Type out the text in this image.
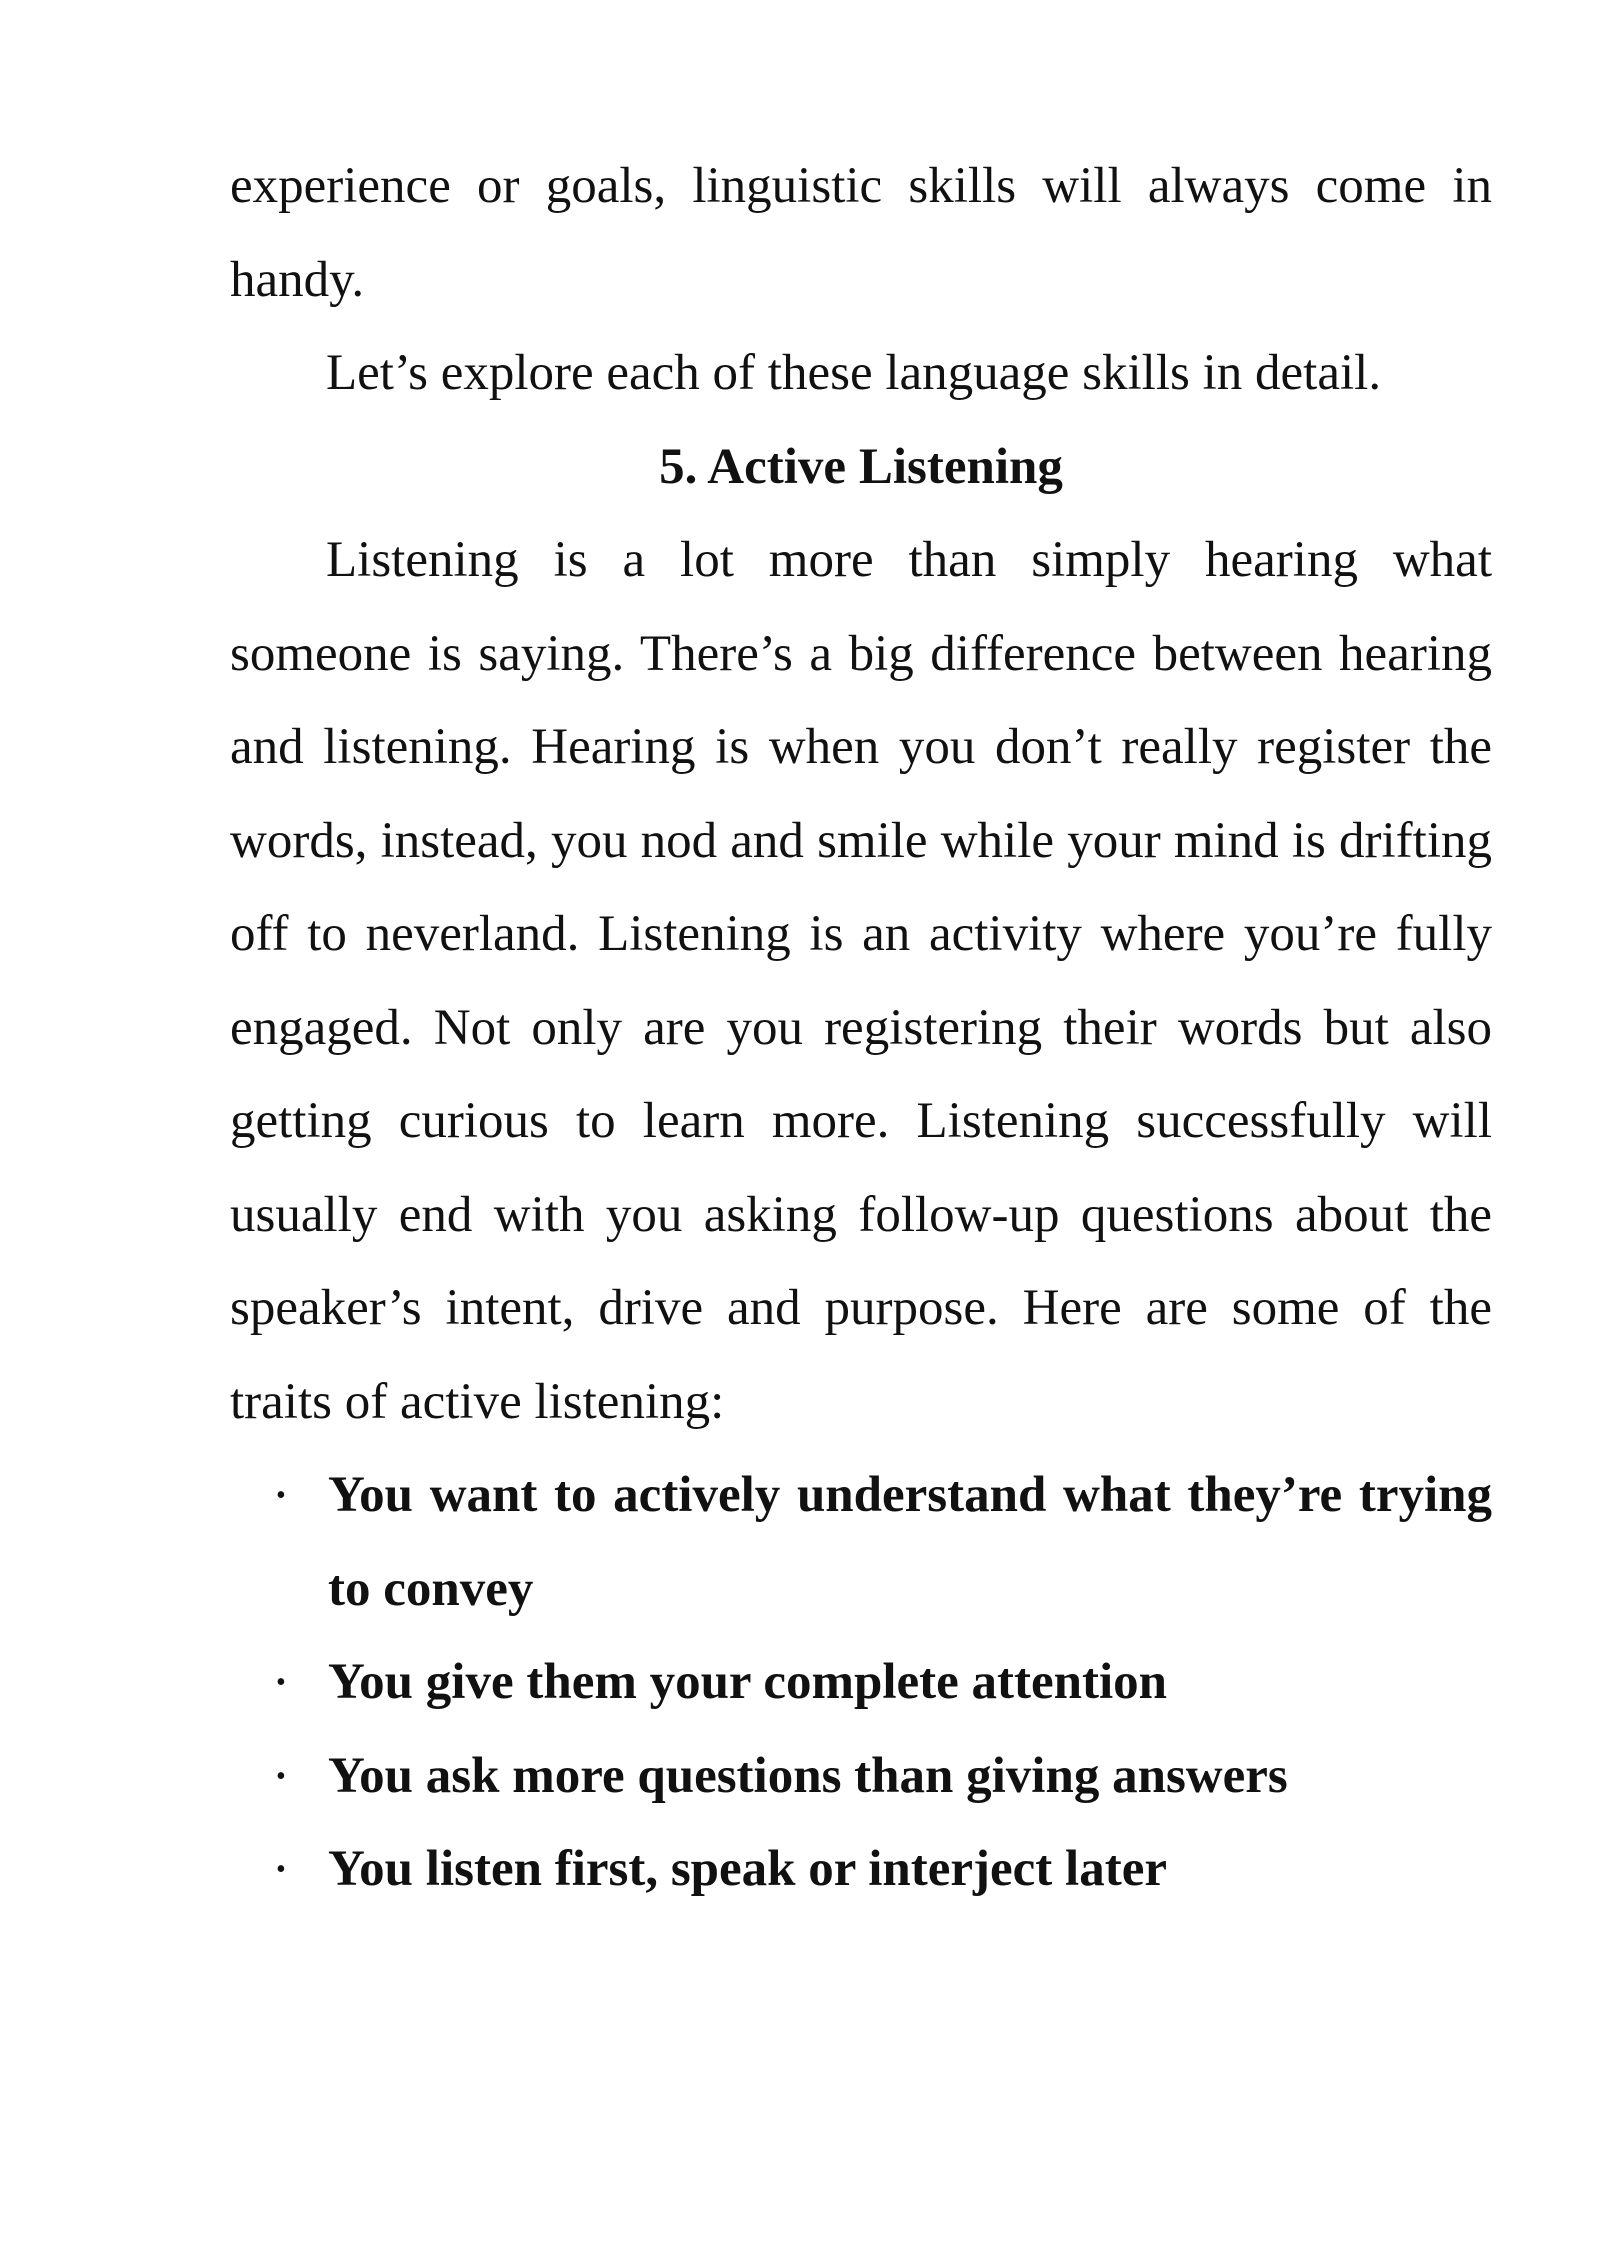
experience or goals, linguistic skills will always come in handy.

Let’s explore each of these language skills in detail.

5. Active Listening

Listening is a lot more than simply hearing what someone is saying. There’s a big difference between hearing and listening. Hearing is when you don’t really register the words, instead, you nod and smile while your mind is drifting off to neverland. Listening is an activity where you’re fully engaged. Not only are you registering their words but also getting curious to learn more. Listening successfully will usually end with you asking follow-up questions about the speaker’s intent, drive and purpose. Here are some of the traits of active listening:

• You want to actively understand what they’re trying to convey
• You give them your complete attention
• You ask more questions than giving answers
• You listen first, speak or interject later
